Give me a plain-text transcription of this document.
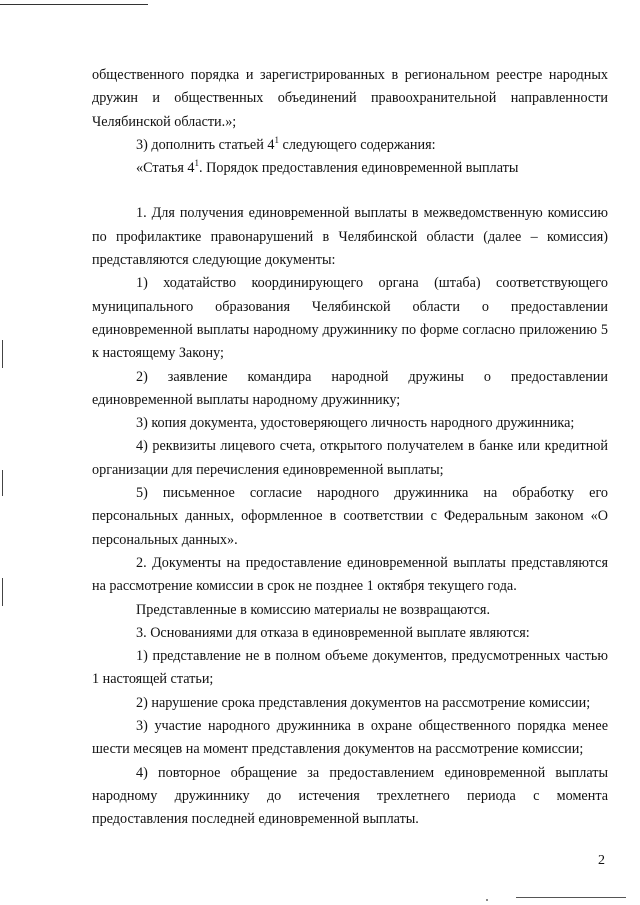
общественного порядка и зарегистрированных в региональном реестре народных дружин и общественных объединений правоохранительной направленности Челябинской области.»;

3) дополнить статьей $4^1$ следующего содержания:

«Статья $4^1$. Порядок предоставления единовременной выплаты

1. Для получения единовременной выплаты в межведомственную комиссию по профилактике правонарушений в Челябинской области (далее – комиссия) представляются следующие документы:

1) ходатайство координирующего органа (штаба) соответствующего муниципального образования Челябинской области о предоставлении единовременной выплаты народному дружиннику по форме согласно приложению 5 к настоящему Закону;

2) заявление командира народной дружины о предоставлении единовременной выплаты народному дружиннику;

3) копия документа, удостоверяющего личность народного дружинника;

4) реквизиты лицевого счета, открытого получателем в банке или кредитной организации для перечисления единовременной выплаты;

5) письменное согласие народного дружинника на обработку его персональных данных, оформленное в соответствии с Федеральным законом «О персональных данных».

2. Документы на предоставление единовременной выплаты представляются на рассмотрение комиссии в срок не позднее 1 октября текущего года.

Представленные в комиссию материалы не возвращаются.

3. Основаниями для отказа в единовременной выплате являются:

1) представление не в полном объеме документов, предусмотренных частью 1 настоящей статьи;

2) нарушение срока представления документов на рассмотрение комиссии;

3) участие народного дружинника в охране общественного порядка менее шести месяцев на момент представления документов на рассмотрение комиссии;

4) повторное обращение за предоставлением единовременной выплаты народному дружиннику до истечения трехлетнего периода с момента предоставления последней единовременной выплаты.

2
